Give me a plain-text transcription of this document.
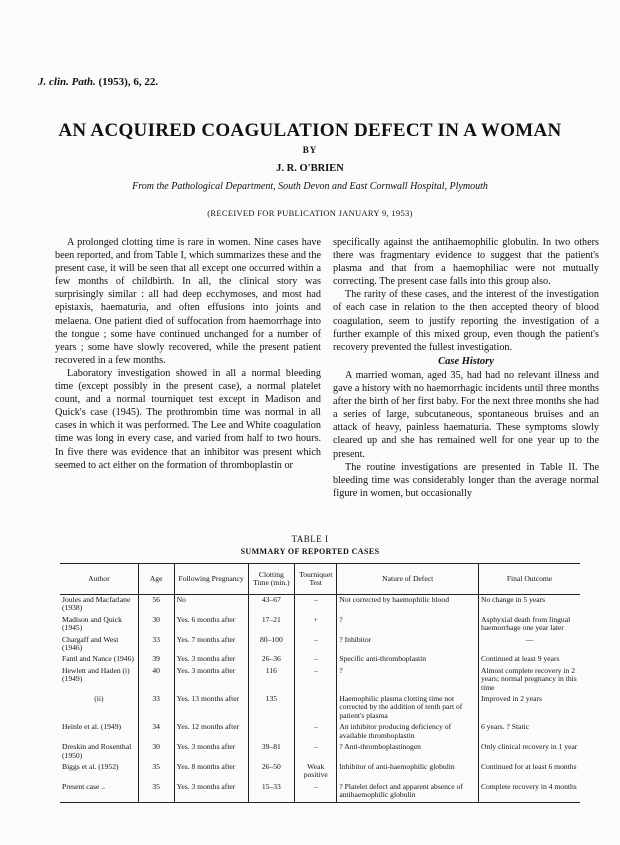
J. clin. Path. (1953), 6, 22.
AN ACQUIRED COAGULATION DEFECT IN A WOMAN
BY
J. R. O'BRIEN
From the Pathological Department, South Devon and East Cornwall Hospital, Plymouth
(RECEIVED FOR PUBLICATION JANUARY 9, 1953)

A prolonged clotting time is rare in women. Nine cases have been reported, and from Table I, which summarizes these and the present case, it will be seen that all except one occurred within a few months of childbirth. In all, the clinical story was surprisingly similar : all had deep ecchymoses, and most had epistaxis, haematuria, and often effusions into joints and melaena. One patient died of suffocation from haemorrhage into the tongue ; some have continued unchanged for a number of years ; some have slowly recovered, while the present patient recovered in a few months.

Laboratory investigation showed in all a normal bleeding time (except possibly in the present case), a normal platelet count, and a normal tourniquet test except in Madison and Quick's case (1945). The prothrombin time was normal in all cases in which it was performed. The Lee and White coagulation time was long in every case, and varied from half to two hours. In five there was evidence that an inhibitor was present which seemed to act either on the formation of thromboplastin or

specifically against the antihaemophilic globulin. In two others there was fragmentary evidence to suggest that the patient's plasma and that from a haemophiliac were not mutually correcting. The present case falls into this group also.

The rarity of these cases, and the interest of the investigation of each case in relation to the then accepted theory of blood coagulation, seem to justify reporting the investigation of a further example of this mixed group, even though the patient's recovery prevented the fullest investigation.

Case History

A married woman, aged 35, had had no relevant illness and gave a history with no haemorrhagic incidents until three months after the birth of her first baby. For the next three months she had a series of large, subcutaneous, spontaneous bruises and an attack of heavy, painless haematuria. These symptoms slowly cleared up and she has remained well for one year up to the present.

The routine investigations are presented in Table II. The bleeding time was considerably longer than the average normal figure in women, but occasionally

TABLE I
SUMMARY OF REPORTED CASES
Author	Age	Following Pregnancy	Clotting Time (min.)	Tourniquet Test	Nature of Defect	Final Outcome
Joules and Macfarlane (1938)	56	No	43–67	–	Not corrected by haemophilic blood	No change in 5 years
Madison and Quick (1945)	30	Yes. 6 months after	17–21	+	?	Asphyxial death from lingual haemorrhage one year later
Chargaff and West (1946)	33	Yes. 7 months after	80–100	–	? Inhibitor	—
Fantl and Nance (1946)	39	Yes. 3 months after	26–36	–	Specific anti-thromboplastin	Continued at least 9 years
Hewlett and Haden (i) (1949)	40	Yes. 3 months after	116	–	?	Almost complete recovery in 2 years; normal pregnancy in this time
(ii)	33	Yes. 13 months after	135		Haemophilic plasma clotting time not corrected by the addition of tenth part of patient's plasma	Improved in 2 years
Heinle et al. (1949)	34	Yes. 12 months after		–	An inhibitor producing deficiency of available thromboplastin	6 years. ? Static
Dreskin and Rosenthal (1950)	30	Yes. 3 months after	39–81	–	? Anti-thromboplastinogen	Only clinical recovery in 1 year
Biggs et al. (1952)	35	Yes. 8 months after	26–50	Weak positive	Inhibitor of anti-haemophilic globulin	Continued for at least 6 months
Present case ..	35	Yes. 3 months after	15–33	–	? Platelet defect and apparent absence of antihaemophilic globulin	Complete recovery in 4 months
